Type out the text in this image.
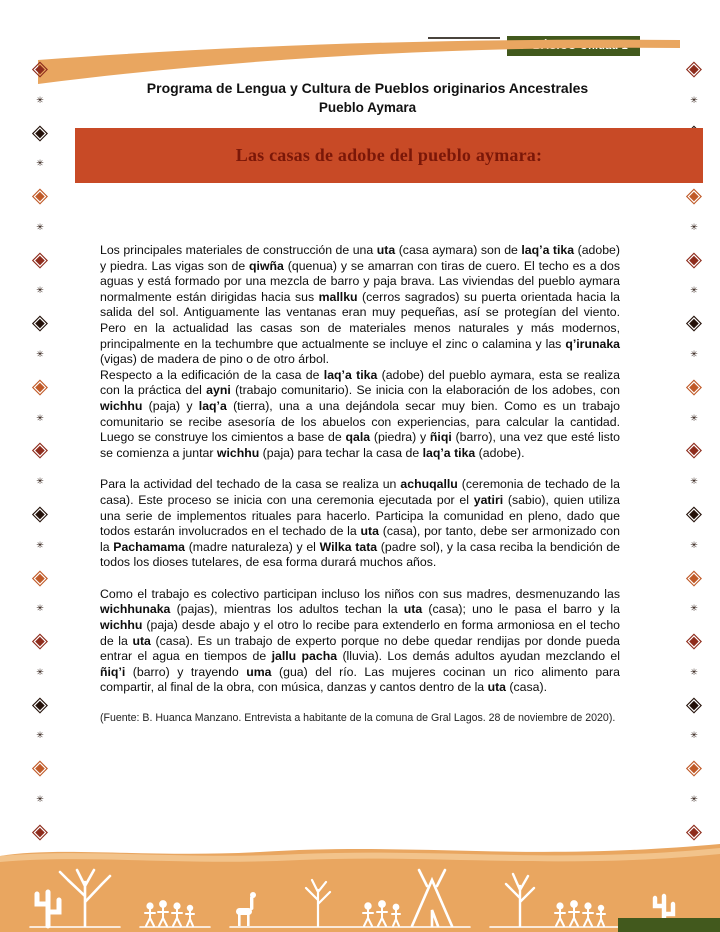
◈
✳
◈
✳
◈
✳
◈
✳
◈
✳
◈
✳
◈
✳
◈
✳
◈
✳
◈
✳
◈
✳
◈
✳
◈
◈
✳
◈
✳
◈
✳
◈
✳
◈
✳
◈
✳
◈
✳
◈
✳
◈
✳
◈
✳
◈
✳
◈
Programa de Lengua y Cultura de Pueblos originarios Ancestrales
Pueblo Aymara
Las casas de adobe del pueblo aymara:

Los principales materiales de construcción de una uta (casa aymara) son de laq’a tika (adobe) y piedra. Las vigas son de qiwña (quenua) y se amarran con tiras de cuero. El techo es a dos aguas y está formado por una mezcla de barro y paja brava. Las viviendas del pueblo aymara normalmente están dirigidas hacia sus mallku (cerros sagrados) su puerta orientada hacia la salida del sol. Antiguamente las ventanas eran muy pequeñas, así se protegían del viento. Pero en la actualidad las casas son de materiales menos naturales y más modernos, principalmente en la techumbre que actualmente se incluye el zinc o calamina y las q’irunaka (vigas) de madera de pino o de otro árbol.

Respecto a la edificación de la casa de laq’a tika (adobe) del pueblo aymara, esta se realiza con la práctica del ayni (trabajo comunitario). Se inicia con la elaboración de los adobes, con wichhu (paja) y laq’a (tierra), una a una dejándola secar muy bien. Como es un trabajo comunitario se recibe asesoría de los abuelos con experiencias, para calcular la cantidad. Luego se construye los cimientos a base de qala (piedra) y ñiqi (barro), una vez que esté listo se comienza a juntar wichhu (paja) para techar la casa de laq’a tika (adobe).

Para la actividad del techado de la casa se realiza un achuqallu (ceremonia de techado de la casa). Este proceso se inicia con una ceremonia ejecutada por el yatiri (sabio), quien utiliza una serie de implementos rituales para hacerlo. Participa la comunidad en pleno, dado que todos estarán involucrados en el techado de la uta (casa), por tanto, debe ser armonizado con la Pachamama (madre naturaleza) y el Wilka tata (padre sol), y la casa reciba la bendición de todos los dioses tutelares, de esa forma durará muchos años.

Como el trabajo es colectivo participan incluso los niños con sus madres, desmenuzando las wichhunaka (pajas), mientras los adultos techan la uta (casa); uno le pasa el barro y la wichhu (paja) desde abajo y el otro lo recibe para extenderlo en forma armoniosa en el techo de la uta (casa). Es un trabajo de experto porque no debe quedar rendijas por donde pueda entrar el agua en tiempos de jallu pacha (lluvia). Los demás adultos ayudan mezclando el ñiq’i (barro) y trayendo uma (gua) del río. Las mujeres cocinan un rico alimento para compartir, al final de la obra, con música, danzas y cantos dentro de la uta (casa).

(Fuente: B. Huanca Manzano. Entrevista a habitante de la comuna de Gral Lagos. 28 de noviembre de 2020).
